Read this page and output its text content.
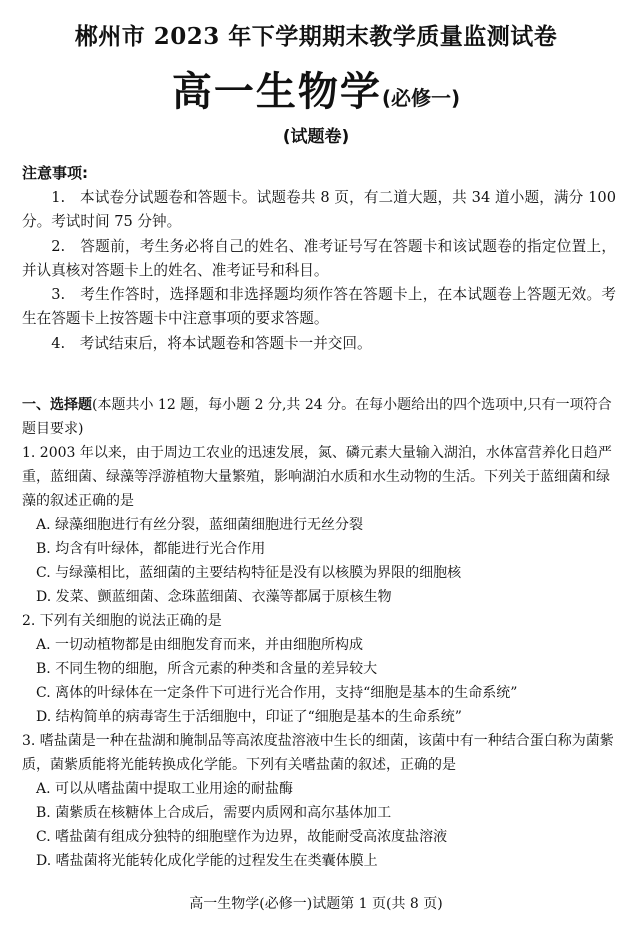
郴州市 2023 年下学期期末教学质量监测试卷
高一生物学(必修一)
(试题卷)
注意事项:

1.　本试卷分试题卷和答题卡。试题卷共 8 页，有二道大题，共 34 道小题，满分 100 分。考试时间 75 分钟。

2.　答题前，考生务必将自己的姓名、准考证号写在答题卡和该试题卷的指定位置上，并认真核对答题卡上的姓名、准考证号和科目。

3.　考生作答时，选择题和非选择题均须作答在答题卡上，在本试题卷上答题无效。考生在答题卡上按答题卡中注意事项的要求答题。

4.　考试结束后，将本试题卷和答题卡一并交回。

一、选择题(本题共小 12 题，每小题 2 分,共 24 分。在每小题给出的四个选项中,只有一项符合题目要求)

1. 2003 年以来，由于周边工农业的迅速发展，氮、磷元素大量输入湖泊，水体富营养化日趋严重，蓝细菌、绿藻等浮游植物大量繁殖，影响湖泊水质和水生动物的生活。下列关于蓝细菌和绿藻的叙述正确的是

A. 绿藻细胞进行有丝分裂，蓝细菌细胞进行无丝分裂

B. 均含有叶绿体，都能进行光合作用

C. 与绿藻相比，蓝细菌的主要结构特征是没有以核膜为界限的细胞核

D. 发菜、颤蓝细菌、念珠蓝细菌、衣藻等都属于原核生物

2. 下列有关细胞的说法正确的是

A. 一切动植物都是由细胞发育而来，并由细胞所构成

B. 不同生物的细胞，所含元素的种类和含量的差异较大

C. 离体的叶绿体在一定条件下可进行光合作用，支持“细胞是基本的生命系统”

D. 结构简单的病毒寄生于活细胞中，印证了“细胞是基本的生命系统”

3. 嗜盐菌是一种在盐湖和腌制品等高浓度盐溶液中生长的细菌，该菌中有一种结合蛋白称为菌紫质，菌紫质能将光能转换成化学能。下列有关嗜盐菌的叙述，正确的是

A. 可以从嗜盐菌中提取工业用途的耐盐酶

B. 菌紫质在核糖体上合成后，需要内质网和高尔基体加工

C. 嗜盐菌有组成分独特的细胞壁作为边界，故能耐受高浓度盐溶液

D. 嗜盐菌将光能转化成化学能的过程发生在类囊体膜上

高一生物学(必修一)试题第 1 页(共 8 页)
